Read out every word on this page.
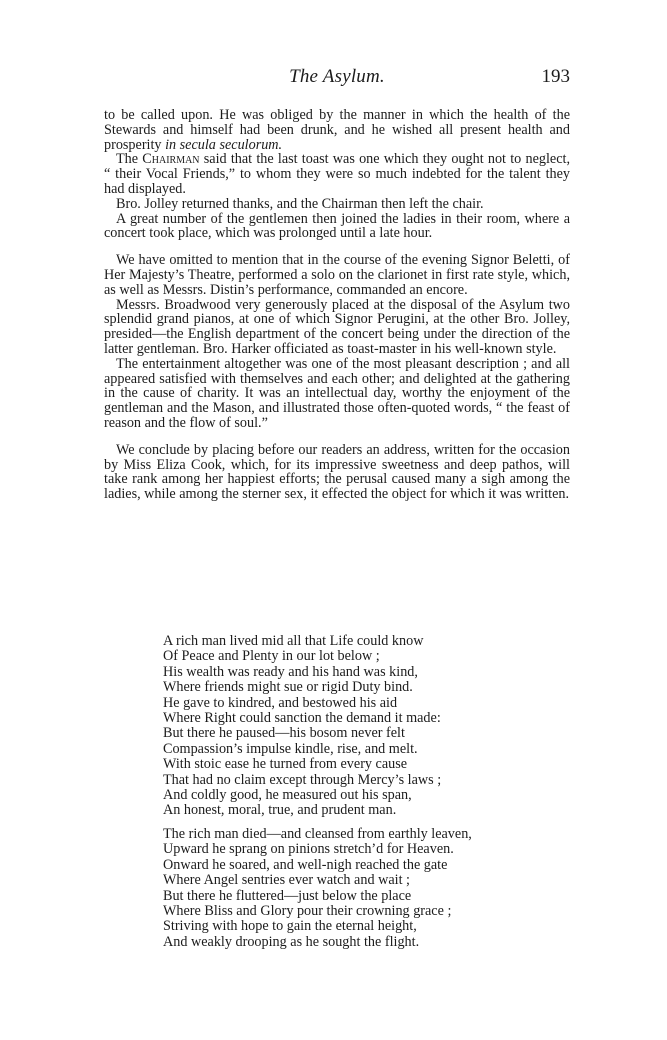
The Asylum.	193

to be called upon. He was obliged by the manner in which the health of the Stewards and himself had been drunk, and he wished all present health and prosperity in secula seculorum.

The Chairman said that the last toast was one which they ought not to neglect, “ their Vocal Friends,” to whom they were so much indebted for the talent they had displayed.

Bro. Jolley returned thanks, and the Chairman then left the chair.

A great number of the gentlemen then joined the ladies in their room, where a concert took place, which was prolonged until a late hour.

We have omitted to mention that in the course of the evening Signor Beletti, of Her Majesty’s Theatre, performed a solo on the clarionet in first rate style, which, as well as Messrs. Distin’s performance, commanded an encore.

Messrs. Broadwood very generously placed at the disposal of the Asylum two splendid grand pianos, at one of which Signor Perugini, at the other Bro. Jolley, presided—the English department of the concert being under the direction of the latter gentleman. Bro. Harker officiated as toast-master in his well-known style.

The entertainment altogether was one of the most pleasant description ; and all appeared satisfied with themselves and each other; and delighted at the gathering in the cause of charity. It was an intellectual day, worthy the enjoyment of the gentleman and the Mason, and illustrated those often-quoted words, “ the feast of reason and the flow of soul.”

We conclude by placing before our readers an address, written for the occasion by Miss Eliza Cook, which, for its impressive sweetness and deep pathos, will take rank among her happiest efforts; the perusal caused many a sigh among the ladies, while among the sterner sex, it effected the object for which it was written.

A rich man lived mid all that Life could know
Of Peace and Plenty in our lot below ;
His wealth was ready and his hand was kind,
Where friends might sue or rigid Duty bind.
He gave to kindred, and bestowed his aid
Where Right could sanction the demand it made:
But there he paused—his bosom never felt
Compassion’s impulse kindle, rise, and melt.
With stoic ease he turned from every cause
That had no claim except through Mercy’s laws ;
And coldly good, he measured out his span,
An honest, moral, true, and prudent man.
The rich man died—and cleansed from earthly leaven,
Upward he sprang on pinions stretch’d for Heaven.
Onward he soared, and well-nigh reached the gate
Where Angel sentries ever watch and wait ;
But there he fluttered—just below the place
Where Bliss and Glory pour their crowning grace ;
Striving with hope to gain the eternal height,
And weakly drooping as he sought the flight.
